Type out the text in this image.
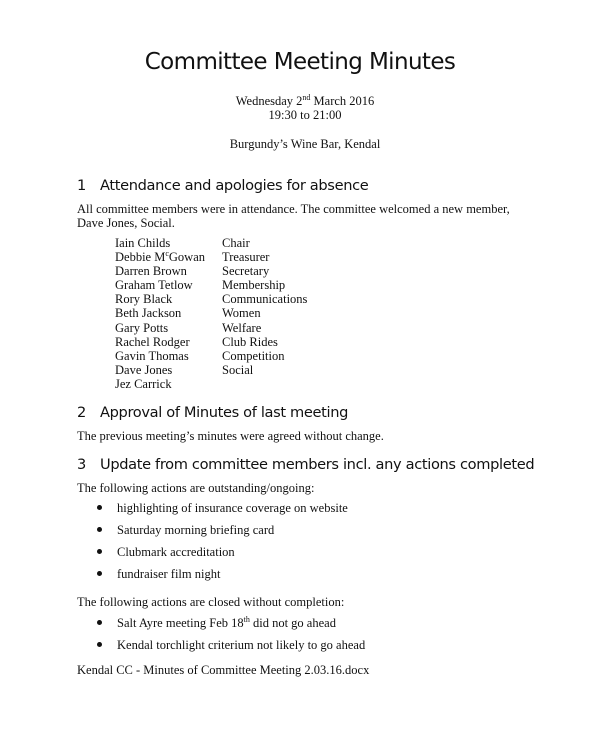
Committee Meeting Minutes
Wednesday 2nd March 2016
19:30 to 21:00
Burgundy’s Wine Bar, Kendal
1 Attendance and apologies for absence
All committee members were in attendance. The committee welcomed a new member,
Dave Jones, Social.
Iain Childs	Chair
Debbie $M^cGowan$ Treasurer
Darren Brown	Secretary
Graham Tetlow Membership
Rory Black	Communications
Beth Jackson	Women
Gary Potts	Welfare
Rachel Rodger	Club Rides
Gavin Thomas	Competition
Dave Jones	Social
Jez Carrick
2 Approval of Minutes of last meeting
The previous meeting’s minutes were agreed without change.
3 Update from committee members incl. any actions completed
The following actions are outstanding/ongoing:
highlighting of insurance coverage on website
Saturday morning briefing card
Clubmark accreditation
fundraiser film night
The following actions are closed without completion:
Salt Ayre meeting Feb 18th did not go ahead
Kendal torchlight criterium not likely to go ahead
Kendal CC - Minutes of Committee Meeting 2.03.16.docx
